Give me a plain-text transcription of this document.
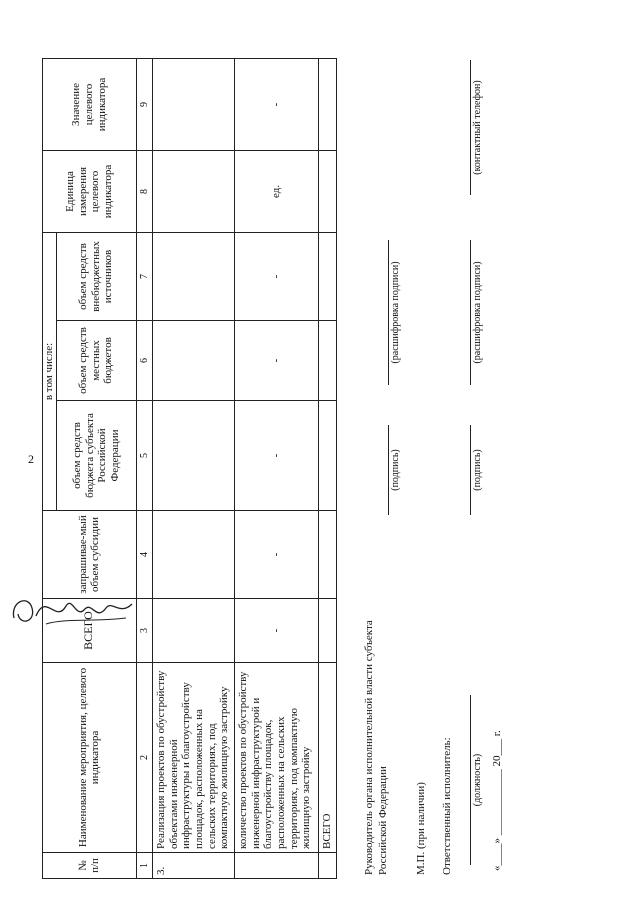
2
№ п/п	Наименование мероприятия, целевого индикатора	ВСЕГО	запрашивае-мый объем субсидии	в том числе:			Единица измерения целевого индикатора	Значение целевого индикатора
				объем средств бюджета субъекта Российской Федерации	объем средств местных бюджетов	объем средств внебюджетных источников		
1	2	3	4	5	6	7	8	9
3.	Реализация проектов по обустройству объектами инженерной инфраструктуры и благоустройству площадок, расположенных на сельских территориях, под компактную жилищную застройку							
	количество проектов по обустройству инженерной инфраструктурой и благоустройству площадок, расположенных на сельских территориях, под компактную жилищную застройку	-	-	-	-	-	ед.	-
	ВСЕГО								Руководитель органа исполнительной власти субъекта Российской Федерации
(подпись)
(расшифровка подписи)
М.П. (при наличии) Ответственный исполнитель: (должность)
(подпись)
(расшифровка подписи)
(контактный телефон)
«____» ____________ 20___ г.
